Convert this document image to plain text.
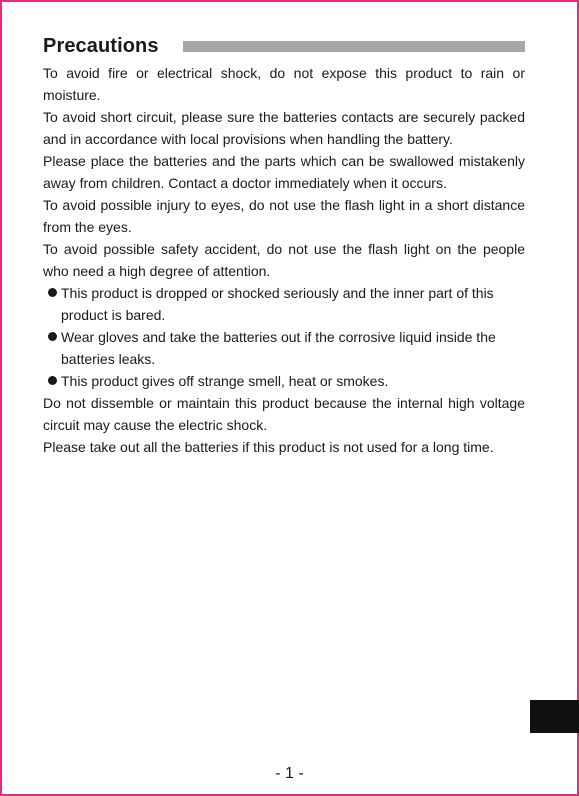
Precautions

To avoid fire or electrical shock, do not expose this product to rain or moisture.

To avoid short circuit, please sure the batteries contacts are securely packed and in accordance with local provisions when handling the battery.

Please place the batteries and the parts which can be swallowed mistakenly away from children. Contact a doctor immediately when it occurs.

To avoid possible injury to eyes, do not use the flash light in a short distance from the eyes.

To avoid possible safety accident, do not use the flash light on the people who need a high degree of attention.

This product is dropped or shocked seriously and the inner part of this product is bared.
Wear gloves and take the batteries out if the corrosive liquid inside the batteries leaks.
This product gives off strange smell, heat or smokes.

Do not dissemble or maintain this product because the internal high voltage circuit may cause the electric shock.

Please take out all the batteries if this product is not used for a long time.

- 1 -
